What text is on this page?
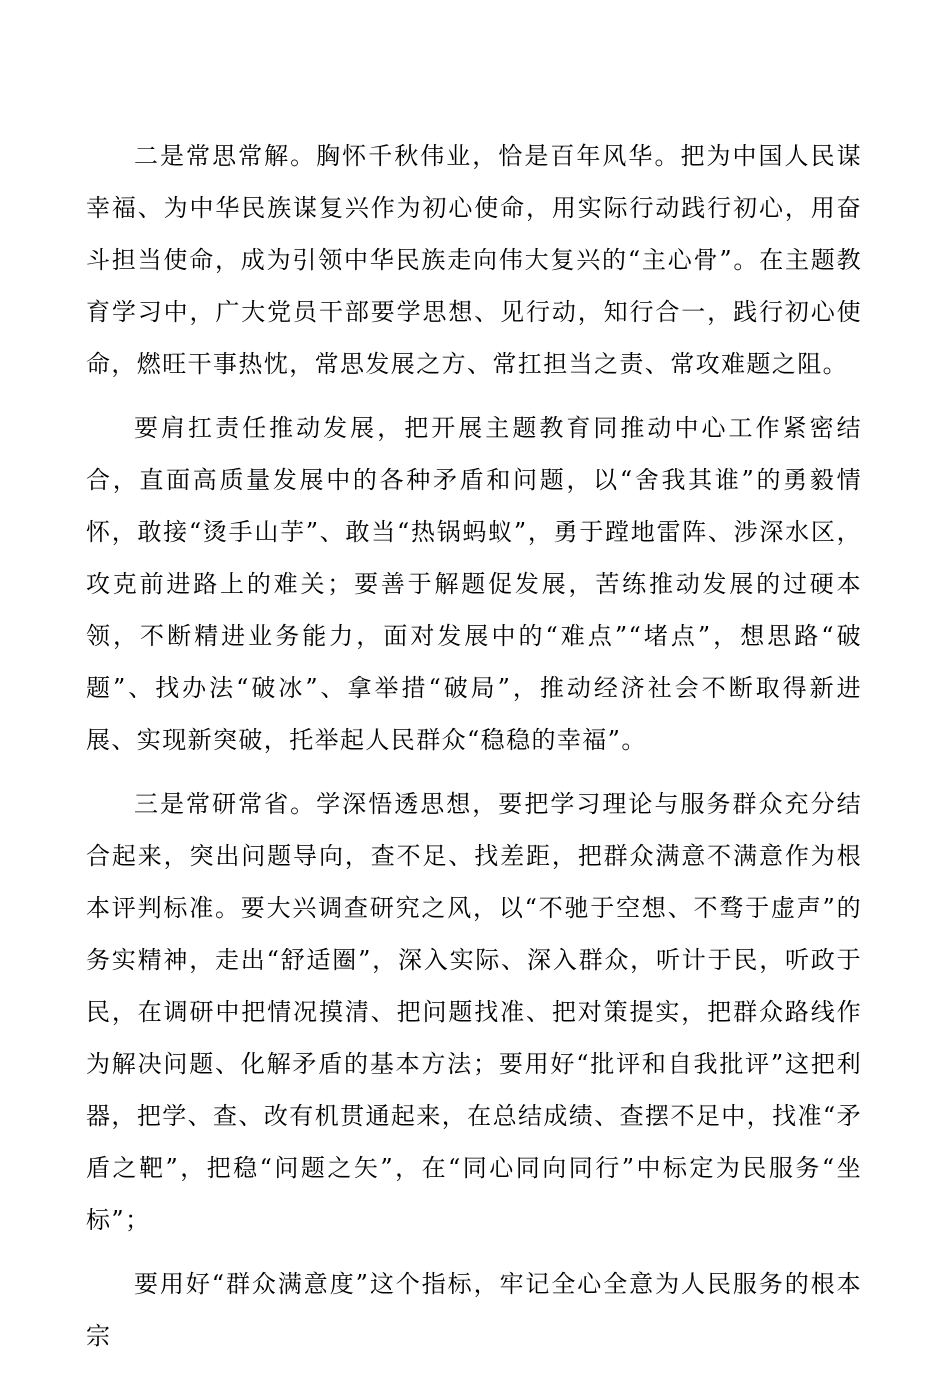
二是常思常解。胸怀千秋伟业，恰是百年风华。把为中国人民谋幸福、为中华民族谋复兴作为初心使命，用实际行动践行初心，用奋斗担当使命，成为引领中华民族走向伟大复兴的“主心骨”。在主题教育学习中，广大党员干部要学思想、见行动，知行合一，践行初心使命，燃旺干事热忱，常思发展之方、常扛担当之责、常攻难题之阻。

要肩扛责任推动发展，把开展主题教育同推动中心工作紧密结合，直面高质量发展中的各种矛盾和问题，以“舍我其谁”的勇毅情怀，敢接“烫手山芋”、敢当“热锅蚂蚁”，勇于蹚地雷阵、涉深水区，攻克前进路上的难关；要善于解题促发展，苦练推动发展的过硬本领，不断精进业务能力，面对发展中的“难点”“堵点”，想思路“破题”、找办法“破冰”、拿举措“破局”，推动经济社会不断取得新进展、实现新突破，托举起人民群众“稳稳的幸福”。

三是常研常省。学深悟透思想，要把学习理论与服务群众充分结合起来，突出问题导向，查不足、找差距，把群众满意不满意作为根本评判标准。要大兴调查研究之风，以“不驰于空想、不骛于虚声”的务实精神，走出“舒适圈”，深入实际、深入群众，听计于民，听政于民，在调研中把情况摸清、把问题找准、把对策提实，把群众路线作为解决问题、化解矛盾的基本方法；要用好“批评和自我批评”这把利器，把学、查、改有机贯通起来，在总结成绩、查摆不足中，找准“矛盾之靶”，把稳“问题之矢”，在“同心同向同行”中标定为民服务“坐标”；

要用好“群众满意度”这个指标，牢记全心全意为人民服务的根本宗
